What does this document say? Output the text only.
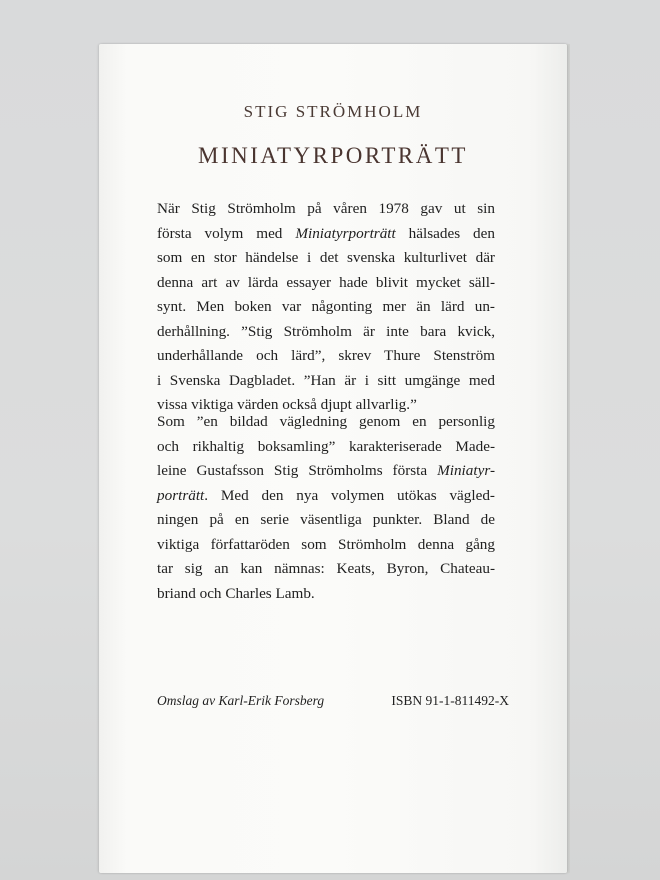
STIG STRÖMHOLM
MINIATYRPORTRÄTT
När Stig Strömholm på våren 1978 gav ut sin
första volym med Miniatyrporträtt hälsades den
som en stor händelse i det svenska kulturlivet där
denna art av lärda essayer hade blivit mycket säll-
synt. Men boken var någonting mer än lärd un-
derhållning. ”Stig Strömholm är inte bara kvick,
underhållande och lärd”, skrev Thure Stenström
i Svenska Dagbladet. ”Han är i sitt umgänge med
vissa viktiga värden också djupt allvarlig.”
Som ”en bildad vägledning genom en personlig
och rikhaltig boksamling” karakteriserade Made-
leine Gustafsson Stig Strömholms första Miniatyr-
porträtt. Med den nya volymen utökas vägled-
ningen på en serie väsentliga punkter. Bland de
viktiga författaröden som Strömholm denna gång
tar sig an kan nämnas: Keats, Byron, Chateau-
briand och Charles Lamb.
Omslag av Karl-Erik Forsberg	ISBN 91-1-811492-X
